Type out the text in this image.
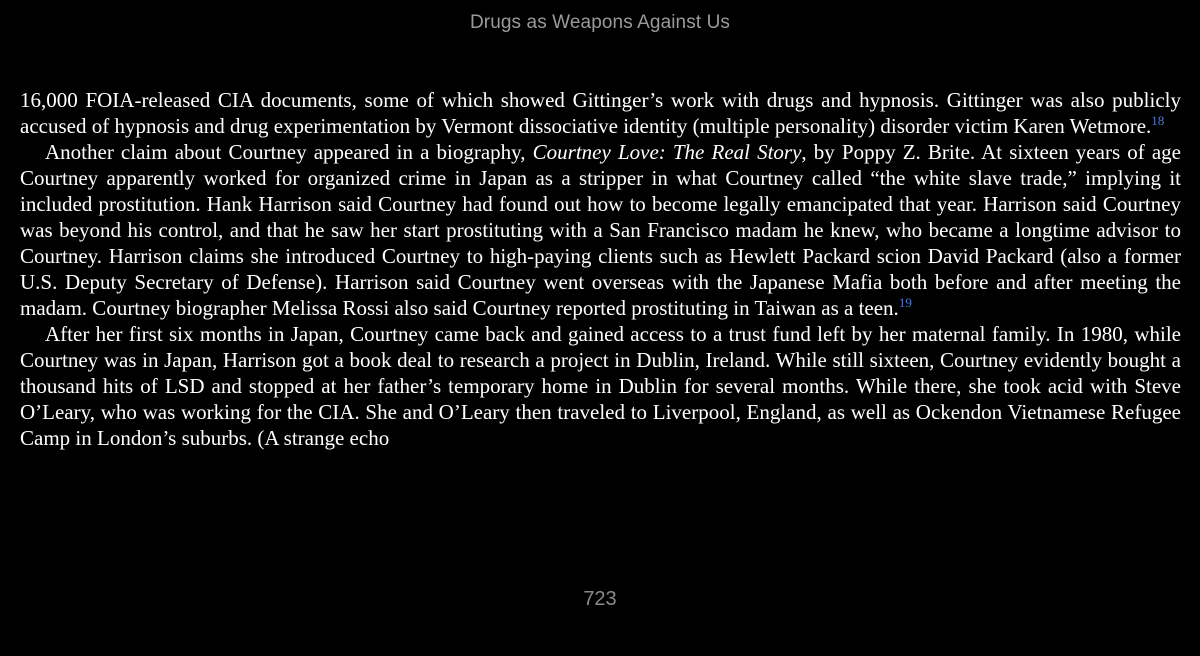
Drugs as Weapons Against Us

16,000 FOIA-released CIA documents, some of which showed Gittinger’s work with drugs and hypnosis. Gittinger was also publicly accused of hypnosis and drug experimentation by Vermont dissociative identity (multiple personality) disorder victim Karen Wetmore.$^{18}$

Another claim about Courtney appeared in a biography, Courtney Love: The Real Story, by Poppy Z. Brite. At sixteen years of age Courtney apparently worked for organized crime in Japan as a stripper in what Courtney called “the white slave trade,” implying it included prostitution. Hank Harrison said Courtney had found out how to become legally emancipated that year. Harrison said Courtney was beyond his control, and that he saw her start prostituting with a San Francisco madam he knew, who became a longtime advisor to Courtney. Harrison claims she introduced Courtney to high-paying clients such as Hewlett Packard scion David Packard (also a former U.S. Deputy Secretary of Defense). Harrison said Courtney went overseas with the Japanese Mafia both before and after meeting the madam. Courtney biographer Melissa Rossi also said Courtney reported prostituting in Taiwan as a teen.$^{19}$

After her first six months in Japan, Courtney came back and gained access to a trust fund left by her maternal family. In 1980, while Courtney was in Japan, Harrison got a book deal to research a project in Dublin, Ireland. While still sixteen, Courtney evidently bought a thousand hits of LSD and stopped at her father’s temporary home in Dublin for several months. While there, she took acid with Steve O’Leary, who was working for the CIA. She and O’Leary then traveled to Liverpool, England, as well as Ockendon Vietnamese Refugee Camp in London’s suburbs. (A strange echo

723
